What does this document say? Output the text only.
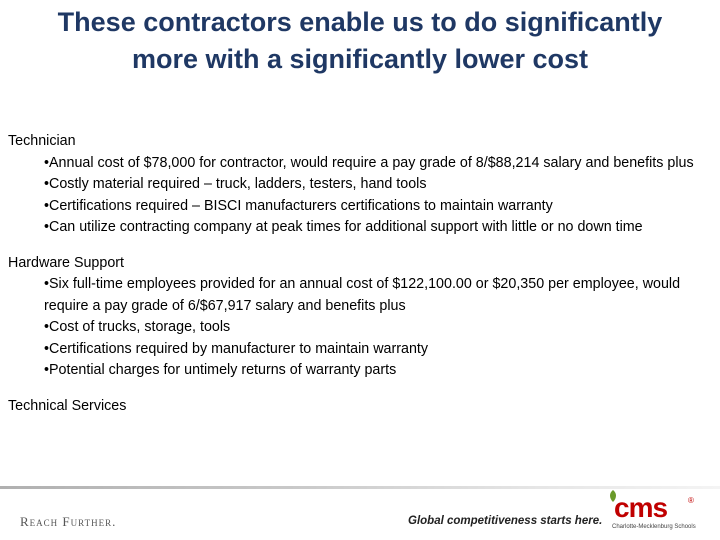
These contractors enable us to do significantly more with a significantly lower cost
Technician
• Annual cost of $78,000 for contractor, would require a pay grade of 8/$88,214 salary and benefits plus
• Costly material required – truck, ladders, testers, hand tools
• Certifications required – BISCI manufacturers certifications to maintain warranty
• Can utilize contracting company at peak times for additional support with little or no down time
Hardware Support
• Six full-time employees provided for an annual cost of $122,100.00 or $20,350 per employee, would require a pay grade of 6/$67,917 salary and benefits plus
• Cost of trucks, storage, tools
• Certifications required by manufacturer to maintain warranty
• Potential charges for untimely returns of warranty parts
Technical Services
Reach Further.	Global competitiveness starts here. cms	®
Charlotte-Mecklenburg Schools
